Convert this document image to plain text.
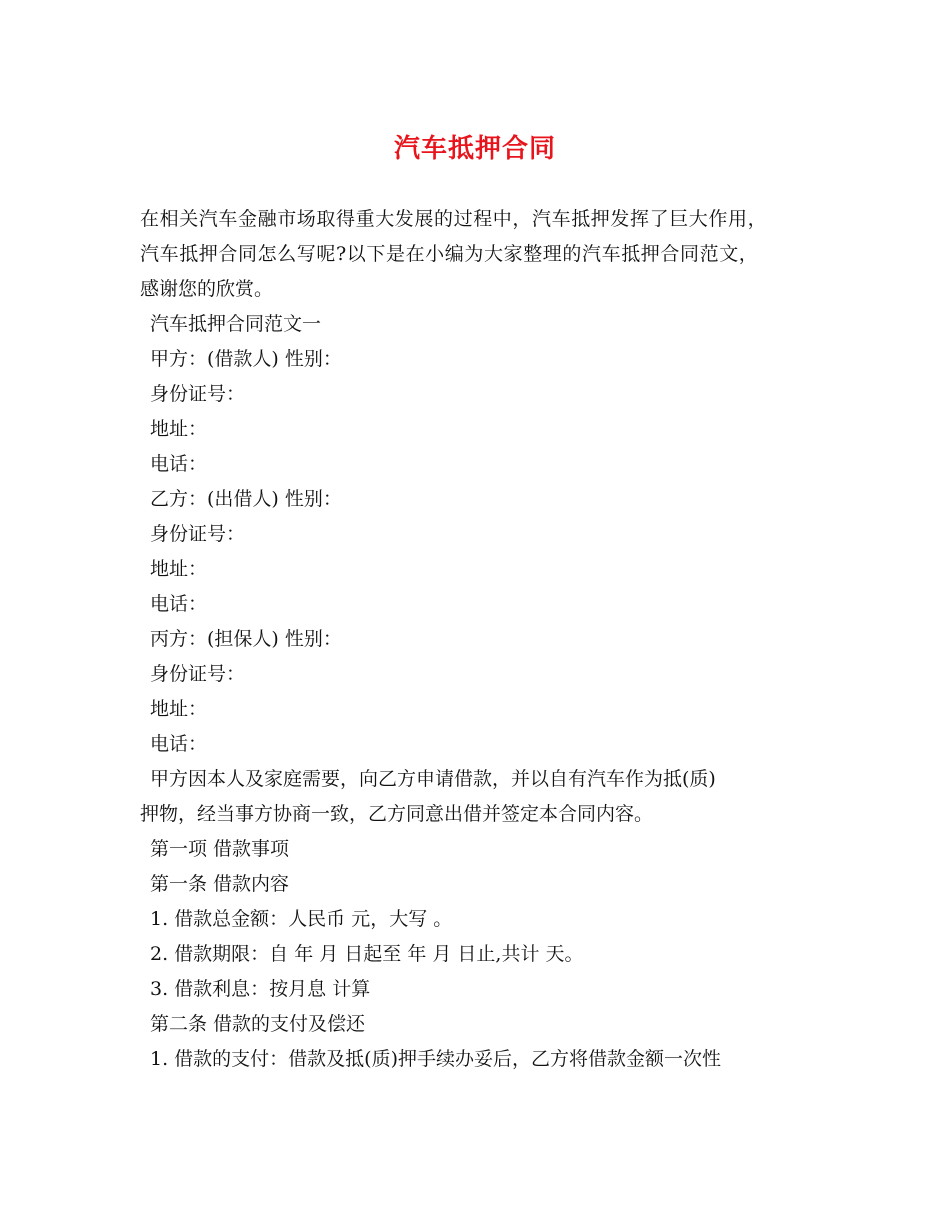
汽车抵押合同
在相关汽车金融市场取得重大发展的过程中，汽车抵押发挥了巨大作用，
汽车抵押合同怎么写呢?以下是在小编为大家整理的汽车抵押合同范文，
感谢您的欣赏。
汽车抵押合同范文一
甲方：(借款人) 性别：
身份证号：
地址：
电话：
乙方：(出借人) 性别：
身份证号：
地址：
电话：
丙方：(担保人) 性别：
身份证号：
地址：
电话：
甲方因本人及家庭需要，向乙方申请借款，并以自有汽车作为抵(质)
押物，经当事方协商一致，乙方同意出借并签定本合同内容。
第一项 借款事项
第一条 借款内容
1. 借款总金额：人民币 元，大写 。
2. 借款期限：自 年 月 日起至 年 月 日止,共计 天。
3. 借款利息：按月息 计算
第二条 借款的支付及偿还
1. 借款的支付：借款及抵(质)押手续办妥后，乙方将借款金额一次性
